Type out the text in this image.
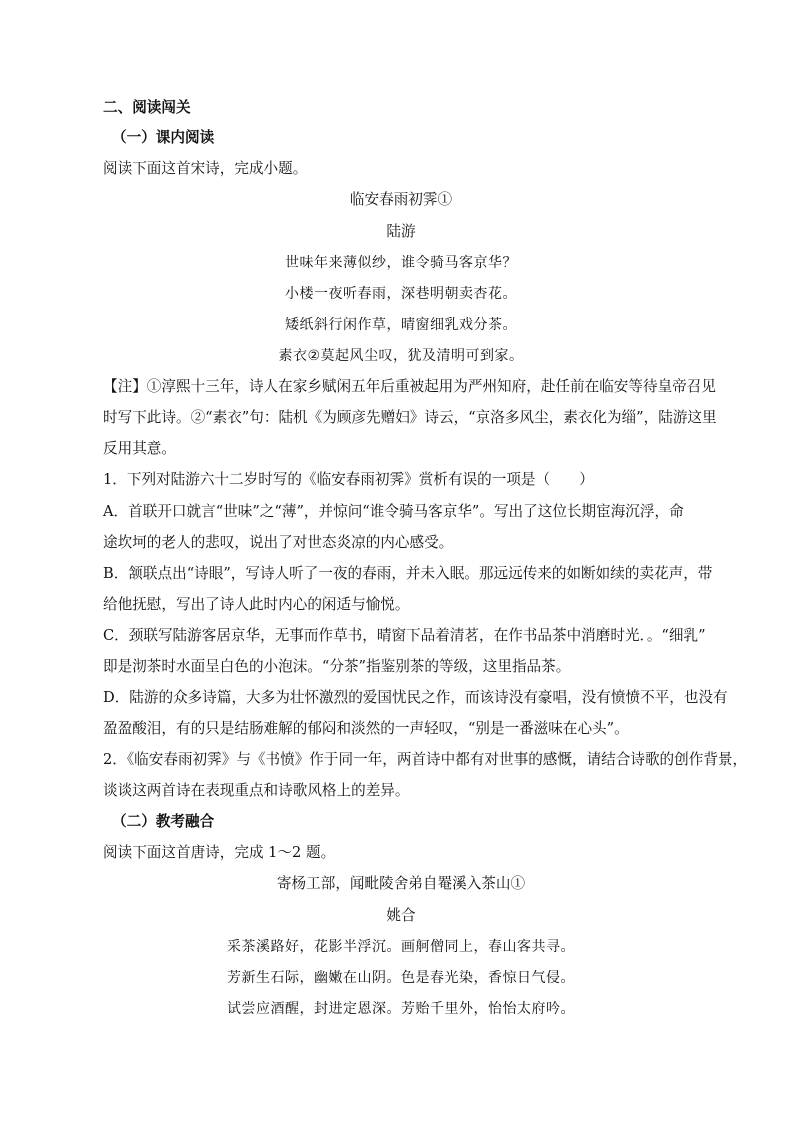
二、阅读闯关
（一）课内阅读
阅读下面这首宋诗，完成小题。
临安春雨初霁①
陆游
世味年来薄似纱，谁令骑马客京华？
小楼一夜听春雨，深巷明朝卖杏花。
矮纸斜行闲作草，晴窗细乳戏分茶。
素衣②莫起风尘叹，犹及清明可到家。
【注】①淳熙十三年，诗人在家乡赋闲五年后重被起用为严州知府，赴任前在临安等待皇帝召见
时写下此诗。②“素衣”句：陆机《为顾彦先赠妇》诗云，“京洛多风尘，素衣化为缁”，陆游这里
反用其意。
1．下列对陆游六十二岁时写的《临安春雨初霁》赏析有误的一项是（　　）
A．首联开口就言“世味”之“薄”，并惊问“谁令骑马客京华”。写出了这位长期宦海沉浮，命
途坎坷的老人的悲叹，说出了对世态炎凉的内心感受。
B．颔联点出“诗眼”，写诗人听了一夜的春雨，并未入眠。那远远传来的如断如续的卖花声，带
给他抚慰，写出了诗人此时内心的闲适与愉悦。
C．颈联写陆游客居京华，无事而作草书，晴窗下品着清茗，在作书品茶中消磨时光．。“细乳”
即是沏茶时水面呈白色的小泡沫。“分茶”指鉴别茶的等级，这里指品茶。
D．陆游的众多诗篇，大多为壮怀激烈的爱国忧民之作，而该诗没有豪唱，没有愤愤不平，也没有
盈盈酸泪，有的只是结肠难解的郁闷和淡然的一声轻叹，“别是一番滋味在心头”。
2．《临安春雨初霁》与《书愤》作于同一年，两首诗中都有对世事的感慨，请结合诗歌的创作背景，
谈谈这两首诗在表现重点和诗歌风格上的差异。
（二）教考融合
阅读下面这首唐诗，完成 1～2 题。
寄杨工部，闻毗陵舍弟自罨溪入茶山①
姚合
采茶溪路好，花影半浮沉。画舸僧同上，春山客共寻。
芳新生石际，幽嫩在山阴。色是春光染，香惊日气侵。
试尝应酒醒，封进定恩深。芳贻千里外，怡怡太府吟。
